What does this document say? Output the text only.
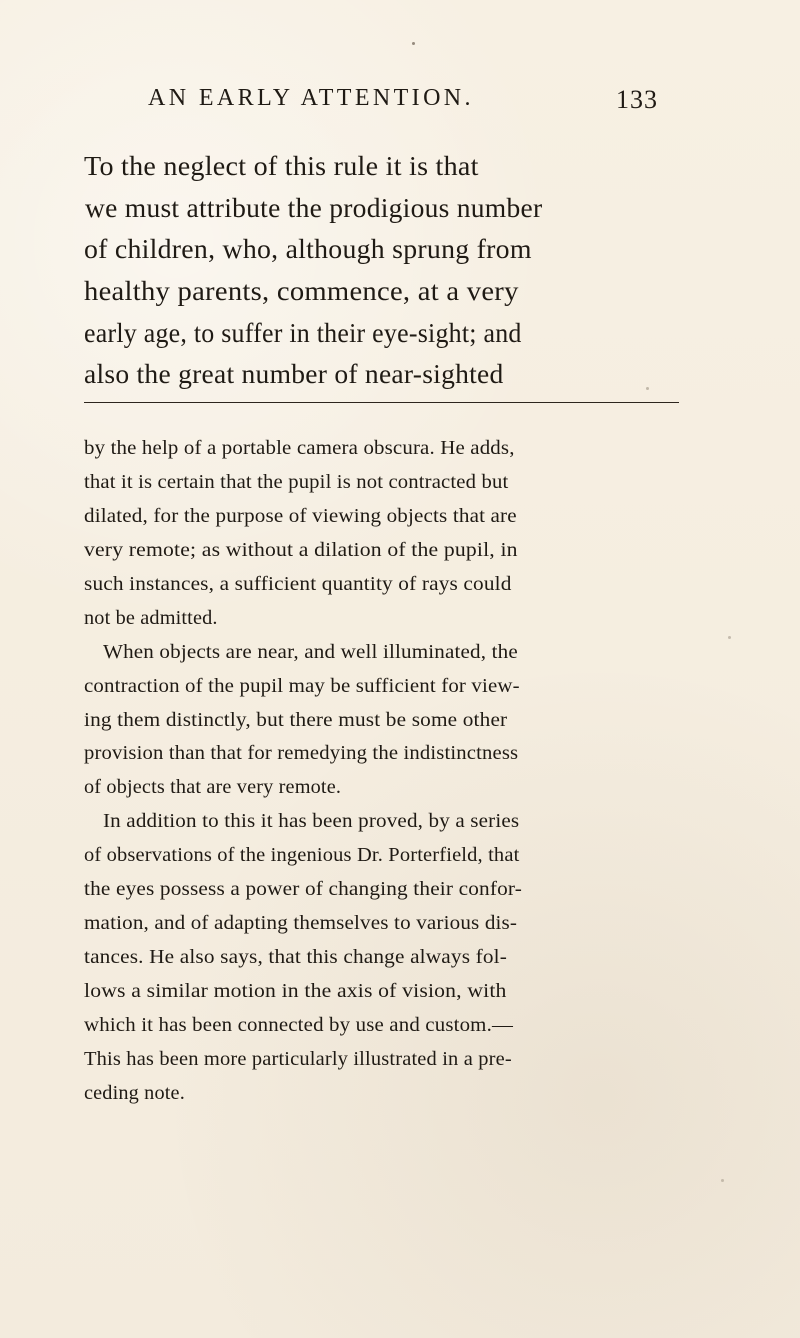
AN EARLY ATTENTION.	133
To the neglect of this rule it is that
we must attribute the prodigious number
of children, who, although sprung from
healthy parents, commence, at a very
early age, to suffer in their eye-sight; and
also the great number of near-sighted
by the help of a portable camera obscura. He adds,
that it is certain that the pupil is not contracted but
dilated, for the purpose of viewing objects that are
very remote; as without a dilation of the pupil, in
such instances, a sufficient quantity of rays could
not be admitted.
When objects are near, and well illuminated, the
contraction of the pupil may be sufficient for view-
ing them distinctly, but there must be some other
provision than that for remedying the indistinctness
of objects that are very remote.
In addition to this it has been proved, by a series
of observations of the ingenious Dr. Porterfield, that
the eyes possess a power of changing their confor-
mation, and of adapting themselves to various dis-
tances. He also says, that this change always fol-
lows a similar motion in the axis of vision, with
which it has been connected by use and custom.—
This has been more particularly illustrated in a pre-
ceding note.
